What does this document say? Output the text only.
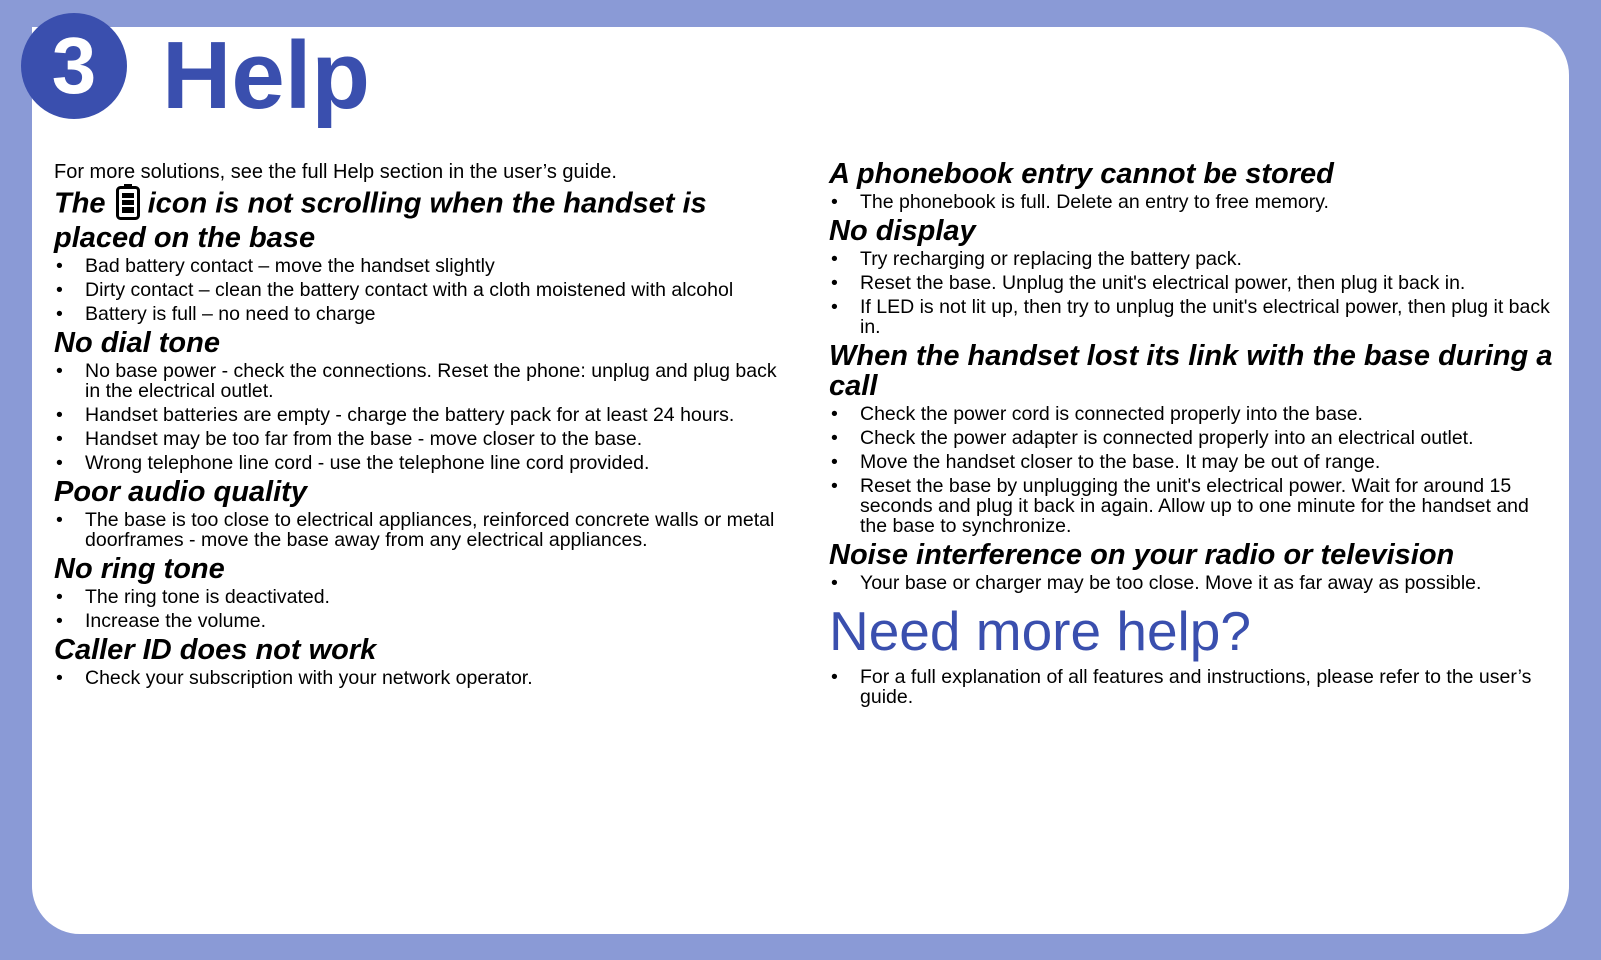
3 Help

For more solutions, see the full Help section in the user’s guide.

The icon is not scrolling when the handset is placed on the base
• Bad battery contact – move the handset slightly
• Dirty contact – clean the battery contact with a cloth moistened with alcohol
• Battery is full – no need to charge
No dial tone
• No base power - check the connections. Reset the phone: unplug and plug back in the electrical outlet.
• Handset batteries are empty - charge the battery pack for at least 24 hours.
• Handset may be too far from the base - move closer to the base.
• Wrong telephone line cord - use the telephone line cord provided.
Poor audio quality
• The base is too close to electrical appliances, reinforced concrete walls or metal doorframes - move the base away from any electrical appliances.
No ring tone
• The ring tone is deactivated.
• Increase the volume.
Caller ID does not work
• Check your subscription with your network operator.
A phonebook entry cannot be stored
• The phonebook is full. Delete an entry to free memory.
No display
• Try recharging or replacing the battery pack.
• Reset the base. Unplug the unit's electrical power, then plug it back in.
• If LED is not lit up, then try to unplug the unit's electrical power, then plug it back in.
When the handset lost its link with the base during a call
• Check the power cord is connected properly into the base.
• Check the power adapter is connected properly into an electrical outlet.
• Move the handset closer to the base. It may be out of range.
• Reset the base by unplugging the unit's electrical power. Wait for around 15 seconds and plug it back in again. Allow up to one minute for the handset and the base to synchronize.
Noise interference on your radio or television
• Your base or charger may be too close. Move it as far away as possible.
Need more help?
• For a full explanation of all features and instructions, please refer to the user’s guide.
